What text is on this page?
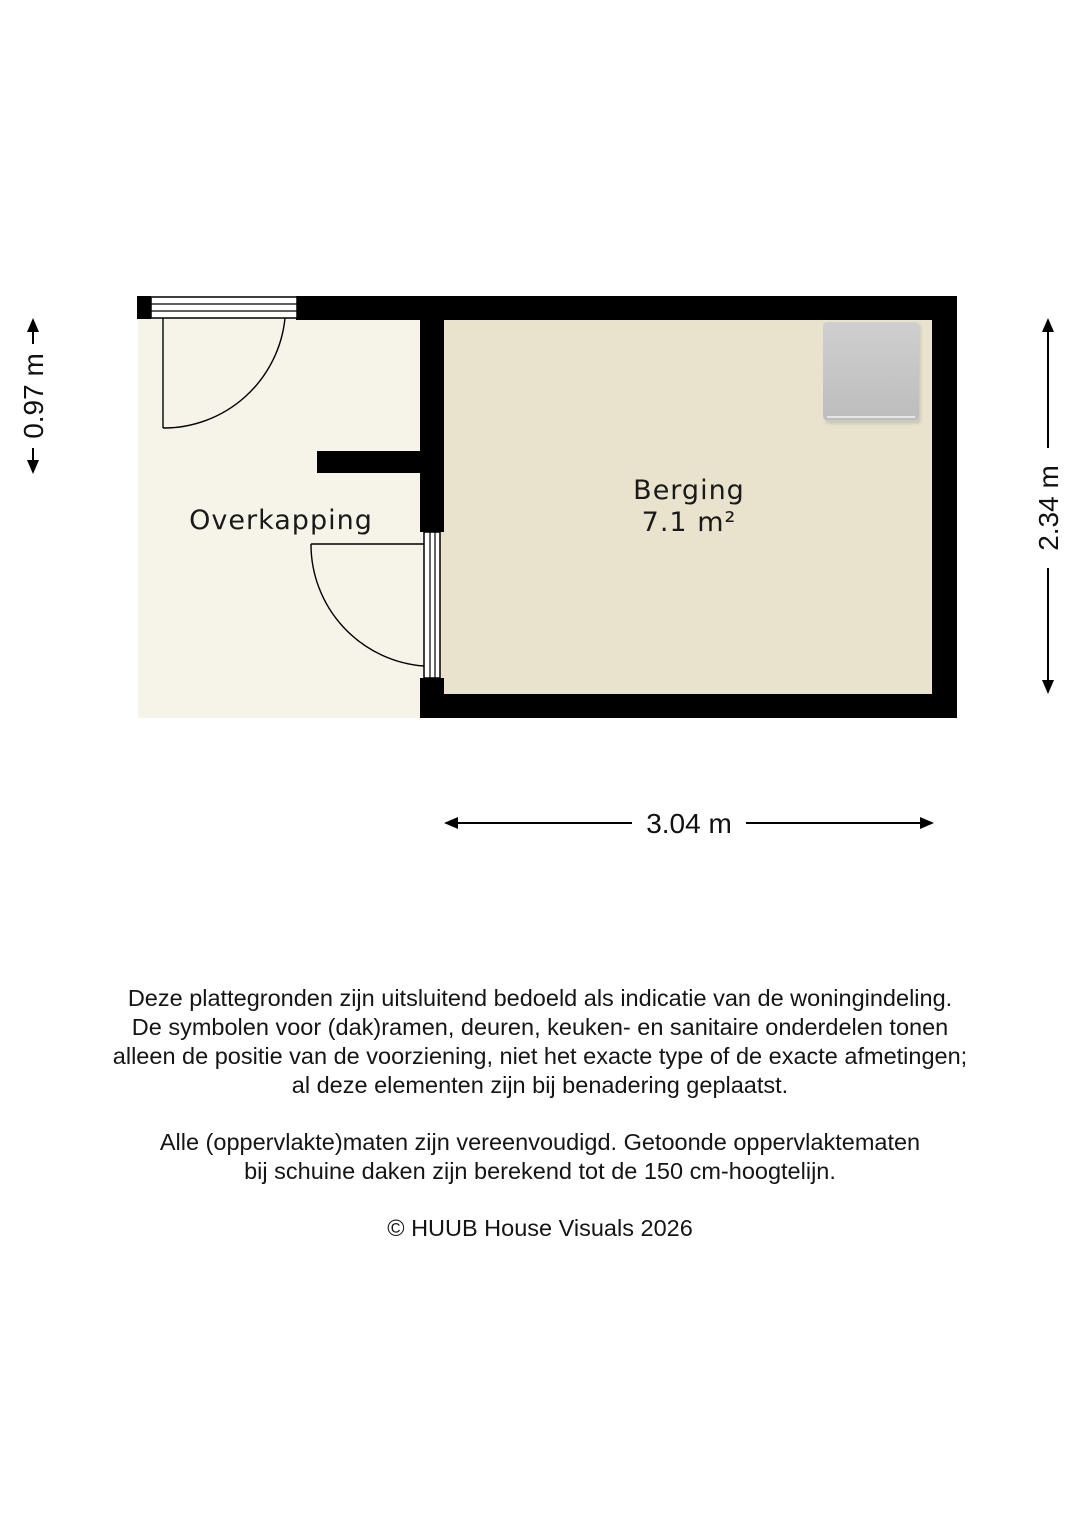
Overkapping
Berging
7.1 m²
0.97 m
2.34 m
3.04 m
Deze plattegronden zijn uitsluitend bedoeld als indicatie van de woningindeling.
De symbolen voor (dak)ramen, deuren, keuken- en sanitaire onderdelen tonen
alleen de positie van de voorziening, niet het exacte type of de exacte afmetingen;
al deze elementen zijn bij benadering geplaatst.
Alle (oppervlakte)maten zijn vereenvoudigd. Getoonde oppervlaktematen
bij schuine daken zijn berekend tot de 150 cm-hoogtelijn.
© HUUB House Visuals 2026
